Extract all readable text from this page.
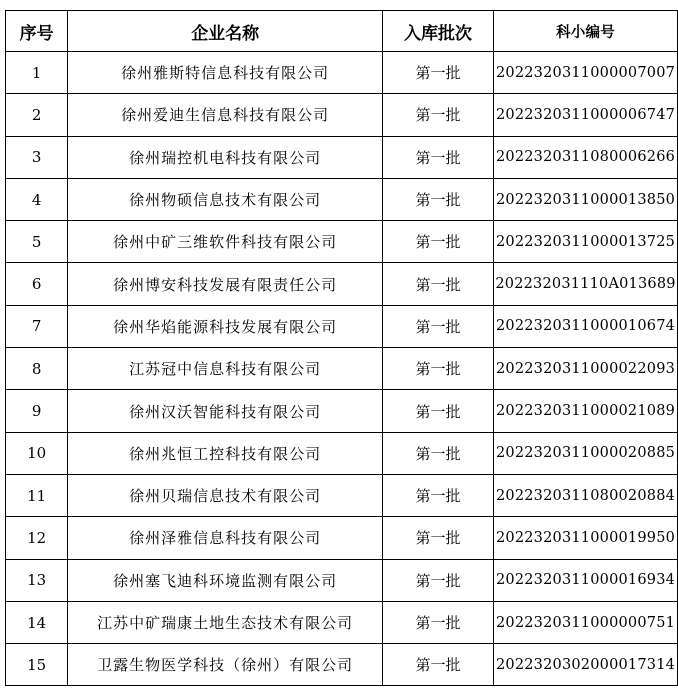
序号	企业名称	入库批次	科小编号
1	徐州雅斯特信息科技有限公司	第一批	2022320311000007007
2	徐州爱迪生信息科技有限公司	第一批	2022320311000006747
3	徐州瑞控机电科技有限公司	第一批	2022320311080006266
4	徐州物硕信息技术有限公司	第一批	2022320311000013850
5	徐州中矿三维软件科技有限公司	第一批	2022320311000013725
6	徐州博安科技发展有限责任公司	第一批	202232031110A013689
7	徐州华焰能源科技发展有限公司	第一批	2022320311000010674
8	江苏冠中信息科技有限公司	第一批	2022320311000022093
9	徐州汉沃智能科技有限公司	第一批	2022320311000021089
10	徐州兆恒工控科技有限公司	第一批	2022320311000020885
11	徐州贝瑞信息技术有限公司	第一批	2022320311080020884
12	徐州泽雅信息科技有限公司	第一批	2022320311000019950
13	徐州塞飞迪科环境监测有限公司	第一批	2022320311000016934
14	江苏中矿瑞康土地生态技术有限公司	第一批	2022320311000000751
15	卫露生物医学科技（徐州）有限公司	第一批	2022320302000017314
